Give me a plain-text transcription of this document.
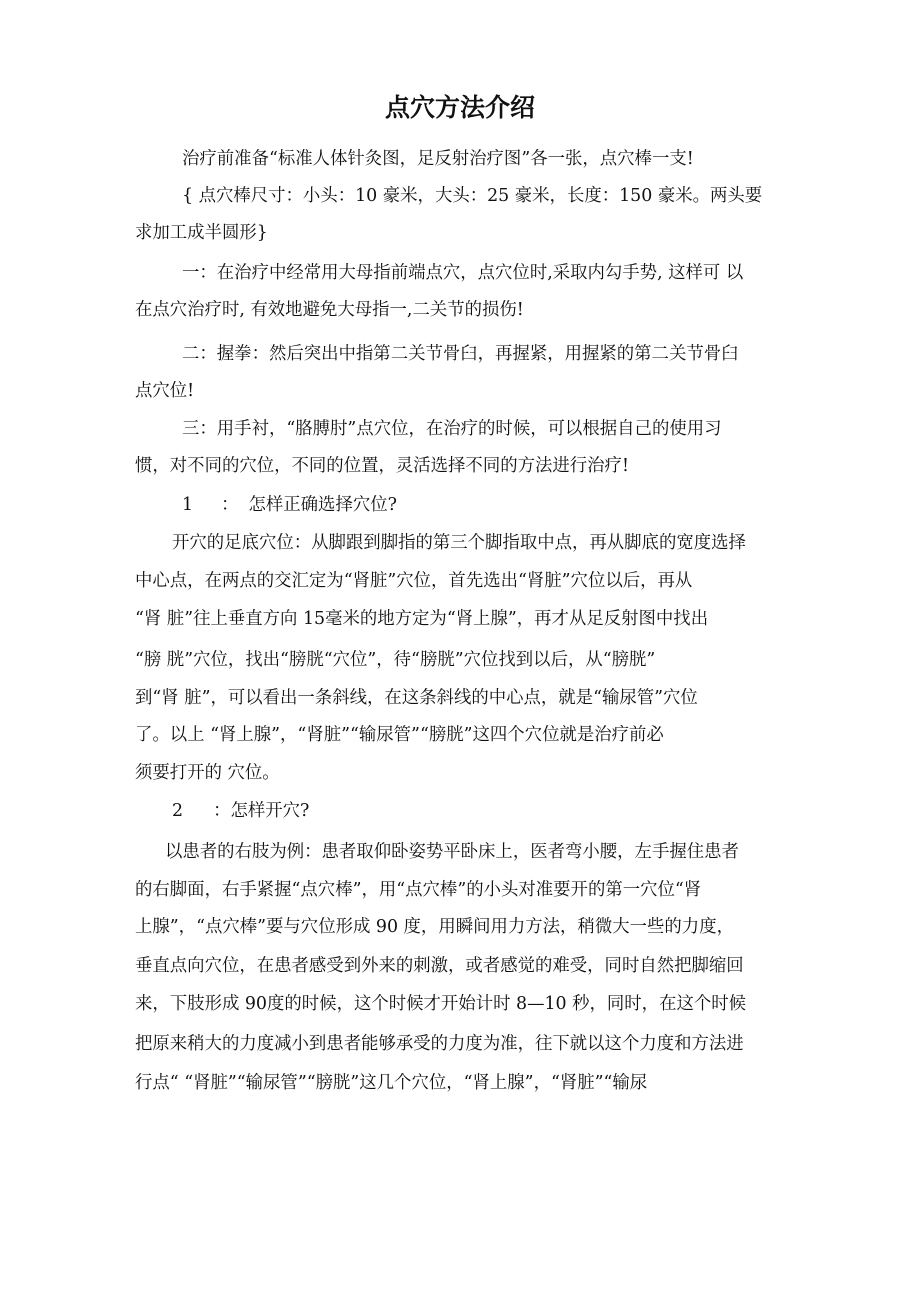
点穴方法介绍

治疗前准备“标准人体针灸图，足反射治疗图”各一张，点穴棒一支!

{ 点穴棒尺寸：小头：10 豪米，大头：25 豪米，长度：150 豪米。两头要

求加工成半圆形}

一：在治疗中经常用大母指前端点穴，点穴位时,采取内勾手势, 这样可 以

在点穴治疗时, 有效地避免大母指一,二关节的损伤!

二：握拳：然后突出中指第二关节骨臼，再握紧，用握紧的第二关节骨臼

点穴位!

三：用手衬，“胳膊肘”点穴位，在治疗的时候，可以根据自己的使用习

惯，对不同的穴位，不同的位置，灵活选择不同的方法进行治疗!

1 ： 怎样正确选择穴位?

开穴的足底穴位：从脚跟到脚指的第三个脚指取中点，再从脚底的宽度选择

中心点，在两点的交汇定为“肾脏”穴位，首先选出“肾脏”穴位以后，再从

“肾 脏”往上垂直方向 15毫米的地方定为“肾上腺”，再才从足反射图中找出

“膀 胱”穴位，找出“膀胱“穴位”，待“膀胱”穴位找到以后，从“膀胱”

到“肾 脏”，可以看出一条斜线，在这条斜线的中心点，就是“输尿管”穴位

了。以上 “肾上腺”，“肾脏”“输尿管”“膀胱”这四个穴位就是治疗前必

须要打开的 穴位。

2 ：怎样开穴?

以患者的右肢为例：患者取仰卧姿势平卧床上，医者弯小腰，左手握住患者

的右脚面，右手紧握“点穴棒”，用“点穴棒”的小头对准要开的第一穴位“肾

上腺”，“点穴棒”要与穴位形成 90 度，用瞬间用力方法，稍微大一些的力度，

垂直点向穴位，在患者感受到外来的刺激，或者感觉的难受，同时自然把脚缩回

来，下肢形成 90度的时候，这个时候才开始计时 8—10 秒，同时，在这个时候

把原来稍大的力度减小到患者能够承受的力度为准，往下就以这个力度和方法进

行点“ “肾脏”“输尿管”“膀胱”这几个穴位，“肾上腺”，“肾脏”“输尿
